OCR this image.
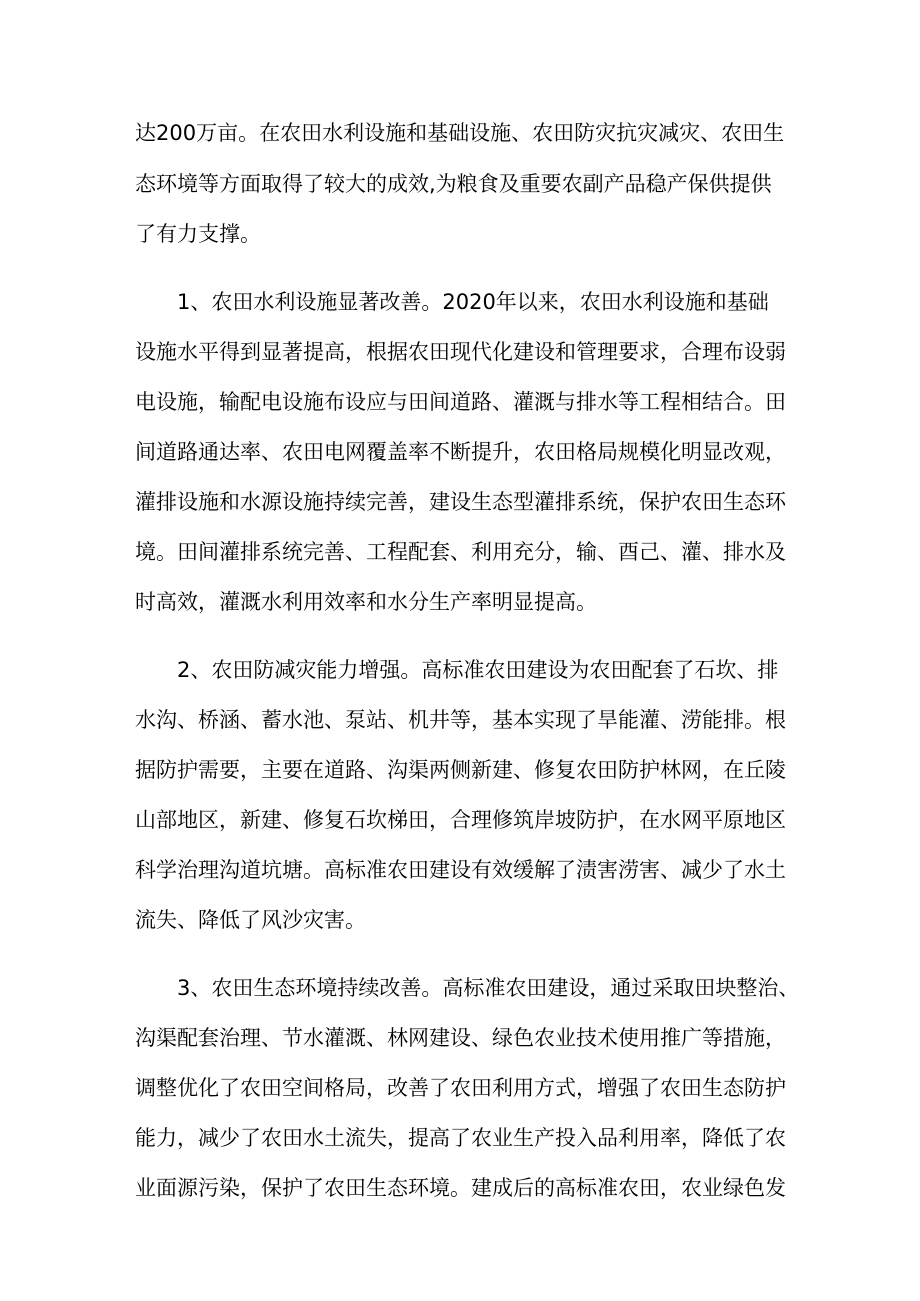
达200万亩。在农田水利设施和基础设施、农田防灾抗灾减灾、农田生
态环境等方面取得了较大的成效,为粮食及重要农副产品稳产保供提供
了有力支撑。
1、农田水利设施显著改善。2020年以来，农田水利设施和基础
设施水平得到显著提高，根据农田现代化建设和管理要求，合理布设弱
电设施，输配电设施布设应与田间道路、灌溉与排水等工程相结合。田
间道路通达率、农田电网覆盖率不断提升，农田格局规模化明显改观，
灌排设施和水源设施持续完善，建设生态型灌排系统，保护农田生态环
境。田间灌排系统完善、工程配套、利用充分，输、酉己、灌、排水及
时高效，灌溉水利用效率和水分生产率明显提高。
2、农田防减灾能力增强。高标准农田建设为农田配套了石坎、排
水沟、桥涵、蓄水池、泵站、机井等，基本实现了旱能灌、涝能排。根
据防护需要，主要在道路、沟渠两侧新建、修复农田防护林网，在丘陵
山部地区，新建、修复石坎梯田，合理修筑岸坡防护，在水网平原地区
科学治理沟道坑塘。高标准农田建设有效缓解了渍害涝害、减少了水土
流失、降低了风沙灾害。
3、农田生态环境持续改善。高标准农田建设，通过采取田块整治、
沟渠配套治理、节水灌溉、林网建设、绿色农业技术使用推广等措施，
调整优化了农田空间格局，改善了农田利用方式，增强了农田生态防护
能力，减少了农田水土流失，提高了农业生产投入品利用率，降低了农
业面源污染，保护了农田生态环境。建成后的高标准农田，农业绿色发
